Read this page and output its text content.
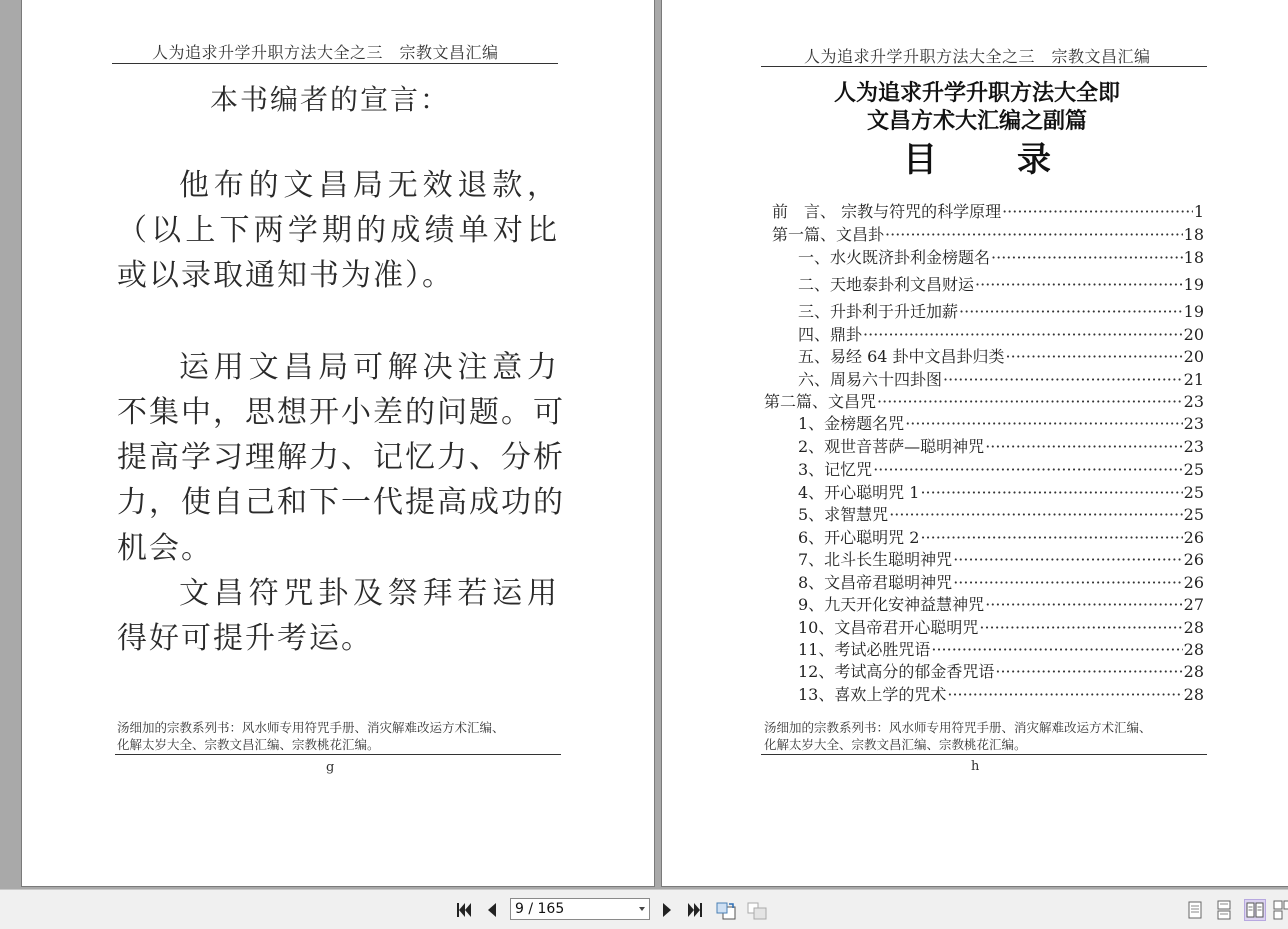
人为追求升学升职方法大全之三　宗教文昌汇编
本书编者的宣言：
他布的文昌局无效退款，
（以上下两学期的成绩单对比
或以录取通知书为准）。
运用文昌局可解决注意力
不集中，思想开小差的问题。可
提高学习理解力、记忆力、分析
力，使自己和下一代提高成功的
机会。
文昌符咒卦及祭拜若运用
得好可提升考运。
汤细加的宗教系列书：风水师专用符咒手册、消灾解难改运方术汇编、
化解太岁大全、宗教文昌汇编、宗教桃花汇编。
g
人为追求升学升职方法大全之三　宗教文昌汇编
人为追求升学升职方法大全即
文昌方术大汇编之副篇
目录
前　言、 宗教与符咒的科学原理 ·····	1
第一篇、文昌卦 ·····	18
一、水火既济卦利金榜题名 ·····	18
二、天地泰卦利文昌财运 ·····	19
三、升卦利于升迁加薪 ·····	19
四、鼎卦 ·····	20
五、易经 64 卦中文昌卦归类 ·····	20
六、周易六十四卦图 ·····	21
第二篇、文昌咒 ·····	23
1、金榜题名咒 ·····	23
2、观世音菩萨—聪明神咒 ·····	23
3、记忆咒 ·····	25
4、开心聪明咒 1 ·····	25
5、求智慧咒 ·····	25
6、开心聪明咒 2 ·····	26
7、北斗长生聪明神咒 ·····	26
8、文昌帝君聪明神咒 ·····	26
9、九天开化安神益慧神咒 ·····	27
10、文昌帝君开心聪明咒 ·····	28
11、考试必胜咒语 ·····	28
12、考试高分的郁金香咒语 ·····	28
13、喜欢上学的咒术 ·····	28
汤细加的宗教系列书：风水师专用符咒手册、消灾解难改运方术汇编、
化解太岁大全、宗教文昌汇编、宗教桃花汇编。
h
9 / 165
